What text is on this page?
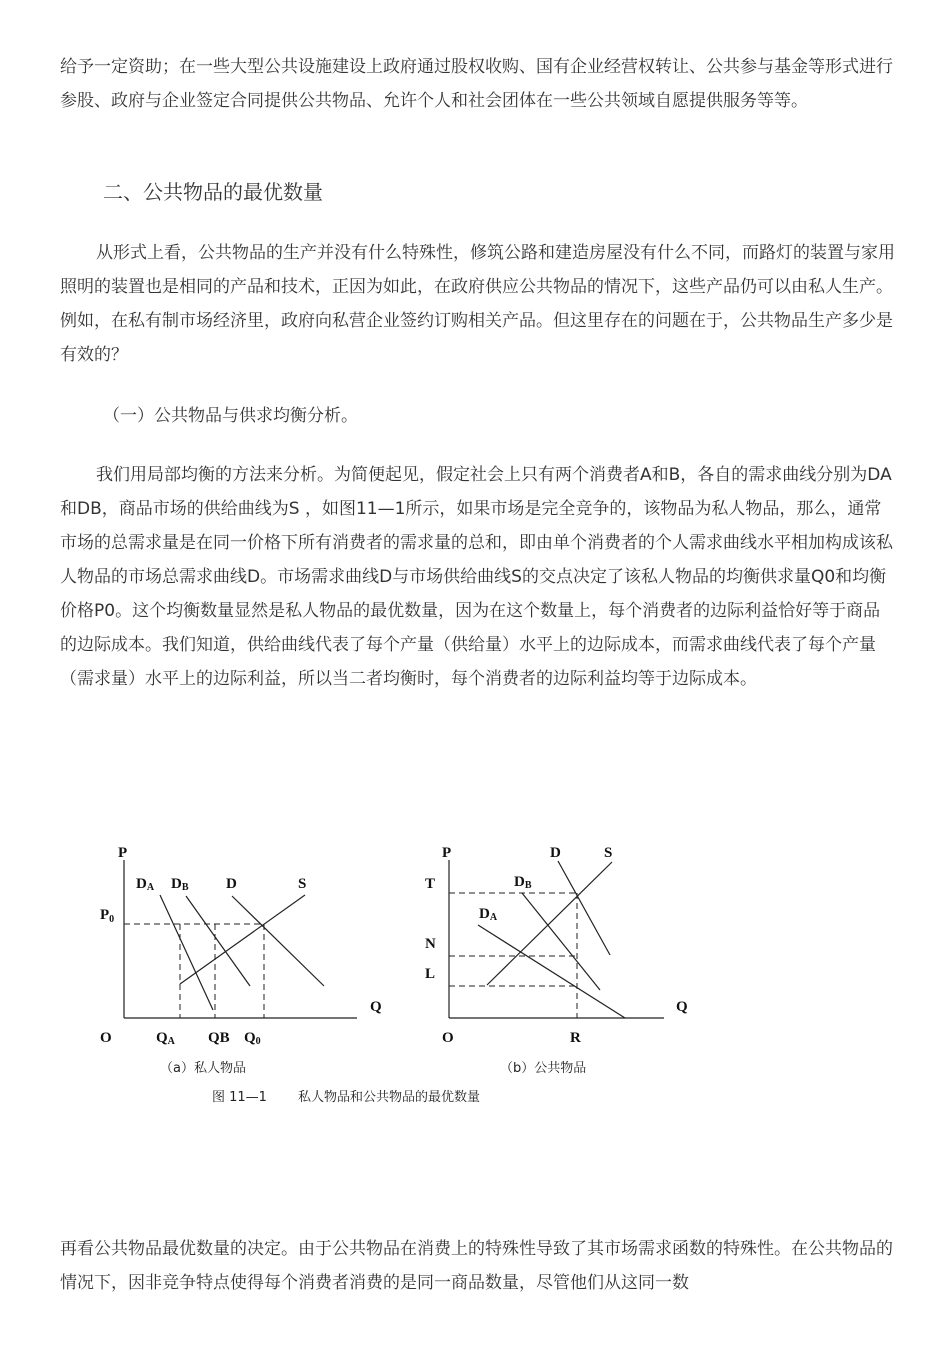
给予一定资助；在一些大型公共设施建设上政府通过股权收购、国有企业经营权转让、公共参与基金等形式进行参股、政府与企业签定合同提供公共物品、允许个人和社会团体在一些公共领域自愿提供服务等等。

二、公共物品的最优数量

从形式上看，公共物品的生产并没有什么特殊性，修筑公路和建造房屋没有什么不同，而路灯的装置与家用照明的装置也是相同的产品和技术，正因为如此，在政府供应公共物品的情况下，这些产品仍可以由私人生产。例如，在私有制市场经济里，政府向私营企业签约订购相关产品。但这里存在的问题在于，公共物品生产多少是有效的？

（一）公共物品与供求均衡分析。

我们用局部均衡的方法来分析。为简便起见，假定社会上只有两个消费者A和B，各自的需求曲线分别为DA和DB，商品市场的供给曲线为S ，如图11—1所示，如果市场是完全竞争的，该物品为私人物品，那么，通常市场的总需求量是在同一价格下所有消费者的需求量的总和，即由单个消费者的个人需求曲线水平相加构成该私人物品的市场总需求曲线D。市场需求曲线D与市场供给曲线S的交点决定了该私人物品的均衡供求量Q0和均衡价格P0。这个均衡数量显然是私人物品的最优数量，因为在这个数量上，每个消费者的边际利益恰好等于商品的边际成本。我们知道，供给曲线代表了每个产量（供给量）水平上的边际成本，而需求曲线代表了每个产量（需求量）水平上的边际利益，所以当二者均衡时，每个消费者的边际利益均等于边际成本。

P
Q
O
$P_0$
DA DB D	S
QA QB Q0
（a）私人物品
P
Q
O
T
N
L
DA
DB
D	S
R
（b）公共物品
图 11—1 私人物品和公共物品的最优数量

再看公共物品最优数量的决定。由于公共物品在消费上的特殊性导致了其市场需求函数的特殊性。在公共物品的情况下，因非竞争特点使得每个消费者消费的是同一商品数量，尽管他们从这同一数
